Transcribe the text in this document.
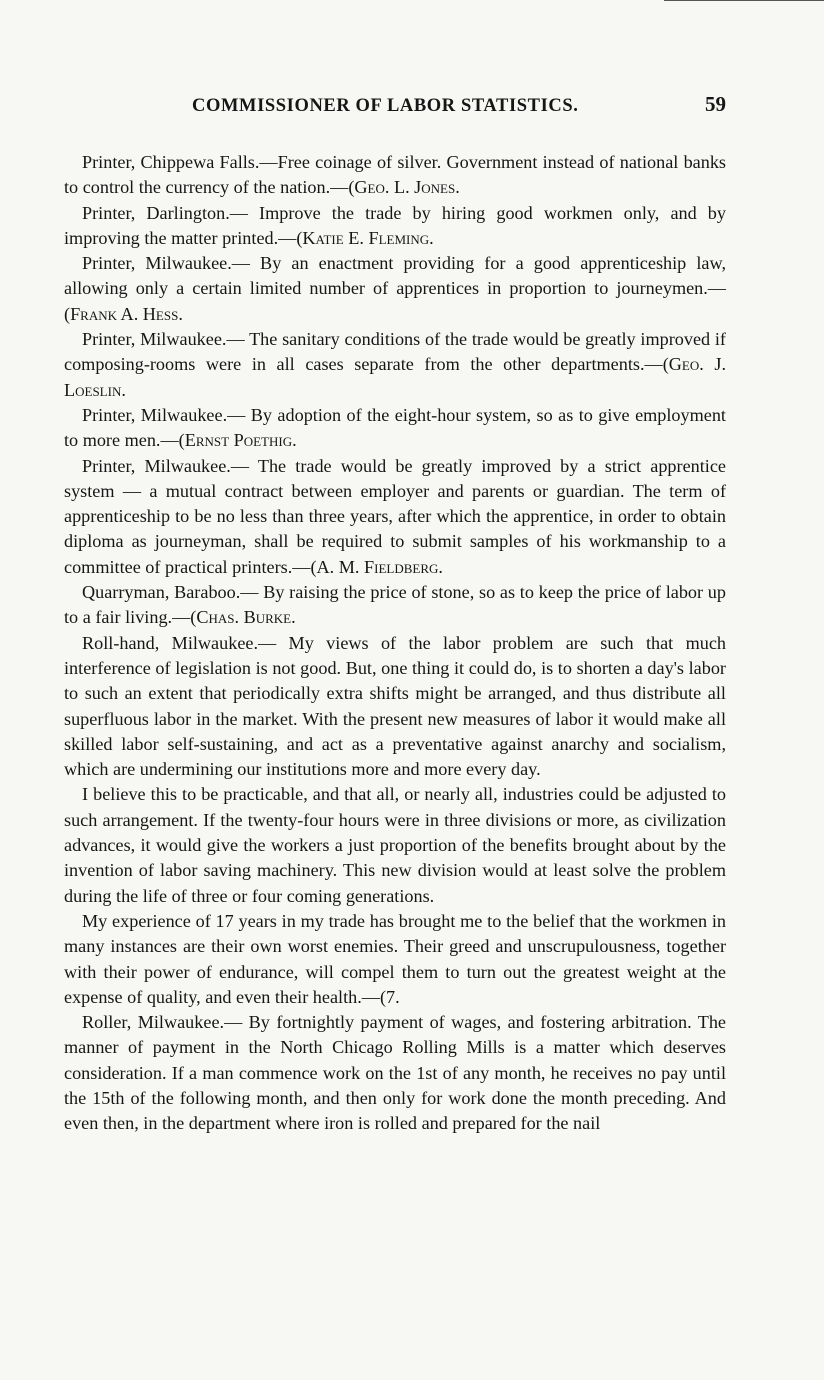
COMMISSIONER OF LABOR STATISTICS.	59

Printer, Chippewa Falls.—Free coinage of silver. Government instead of national banks to control the currency of the nation.—(Geo. L. Jones.

Printer, Darlington.— Improve the trade by hiring good workmen only, and by improving the matter printed.—(Katie E. Fleming.

Printer, Milwaukee.— By an enactment providing for a good apprenticeship law, allowing only a certain limited number of apprentices in proportion to journeymen.—(Frank A. Hess.

Printer, Milwaukee.— The sanitary conditions of the trade would be greatly improved if composing-rooms were in all cases separate from the other departments.—(Geo. J. Loeslin.

Printer, Milwaukee.— By adoption of the eight-hour system, so as to give employment to more men.—(Ernst Poethig.

Printer, Milwaukee.— The trade would be greatly improved by a strict apprentice system — a mutual contract between employer and parents or guardian. The term of apprenticeship to be no less than three years, after which the apprentice, in order to obtain diploma as journeyman, shall be required to submit samples of his workmanship to a committee of practical printers.—(A. M. Fieldberg.

Quarryman, Baraboo.— By raising the price of stone, so as to keep the price of labor up to a fair living.—(Chas. Burke.

Roll-hand, Milwaukee.— My views of the labor problem are such that much interference of legislation is not good. But, one thing it could do, is to shorten a day's labor to such an extent that periodically extra shifts might be arranged, and thus distribute all superfluous labor in the market. With the present new measures of labor it would make all skilled labor self-sustaining, and act as a preventative against anarchy and socialism, which are undermining our institutions more and more every day.

I believe this to be practicable, and that all, or nearly all, industries could be adjusted to such arrangement. If the twenty-four hours were in three divisions or more, as civilization advances, it would give the workers a just proportion of the benefits brought about by the invention of labor saving machinery. This new division would at least solve the problem during the life of three or four coming generations.

My experience of 17 years in my trade has brought me to the belief that the workmen in many instances are their own worst enemies. Their greed and unscrupulousness, together with their power of endurance, will compel them to turn out the greatest weight at the expense of quality, and even their health.—(7.

Roller, Milwaukee.— By fortnightly payment of wages, and fostering arbitration. The manner of payment in the North Chicago Rolling Mills is a matter which deserves consideration. If a man commence work on the 1st of any month, he receives no pay until the 15th of the following month, and then only for work done the month preceding. And even then, in the department where iron is rolled and prepared for the nail
